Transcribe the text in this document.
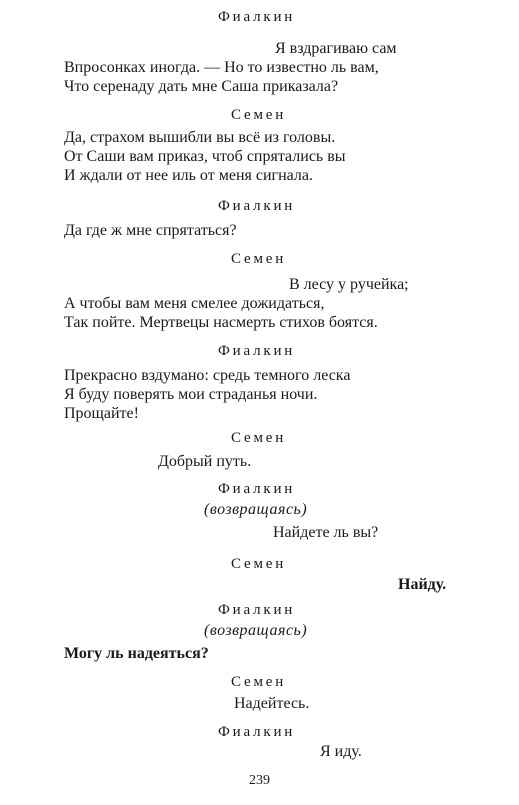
Фиалкин
Я вздрагиваю сам
Впросонках иногда. — Но то известно ль вам,
Что серенаду дать мне Саша приказала?
Семен
Да, страхом вышибли вы всё из головы.
От Саши вам приказ, чтоб спрятались вы
И ждали от нее иль от меня сигнала.
Фиалкин
Да где ж мне спрятаться?
Семен
В лесу у ручейка;
А чтобы вам меня смелее дожидаться,
Так пойте. Мертвецы насмерть стихов боятся.
Фиалкин
Прекрасно вздумано: средь темного леска
Я буду поверять мои страданья ночи.
Прощайте!
Семен
Добрый путь.
Фиалкин
(возвращаясь)
Найдете ль вы?
Семен
Найду.
Фиалкин
(возвращаясь)
Могу ль надеяться?
Семен
Надейтесь.
Фиалкин
Я иду.
239
